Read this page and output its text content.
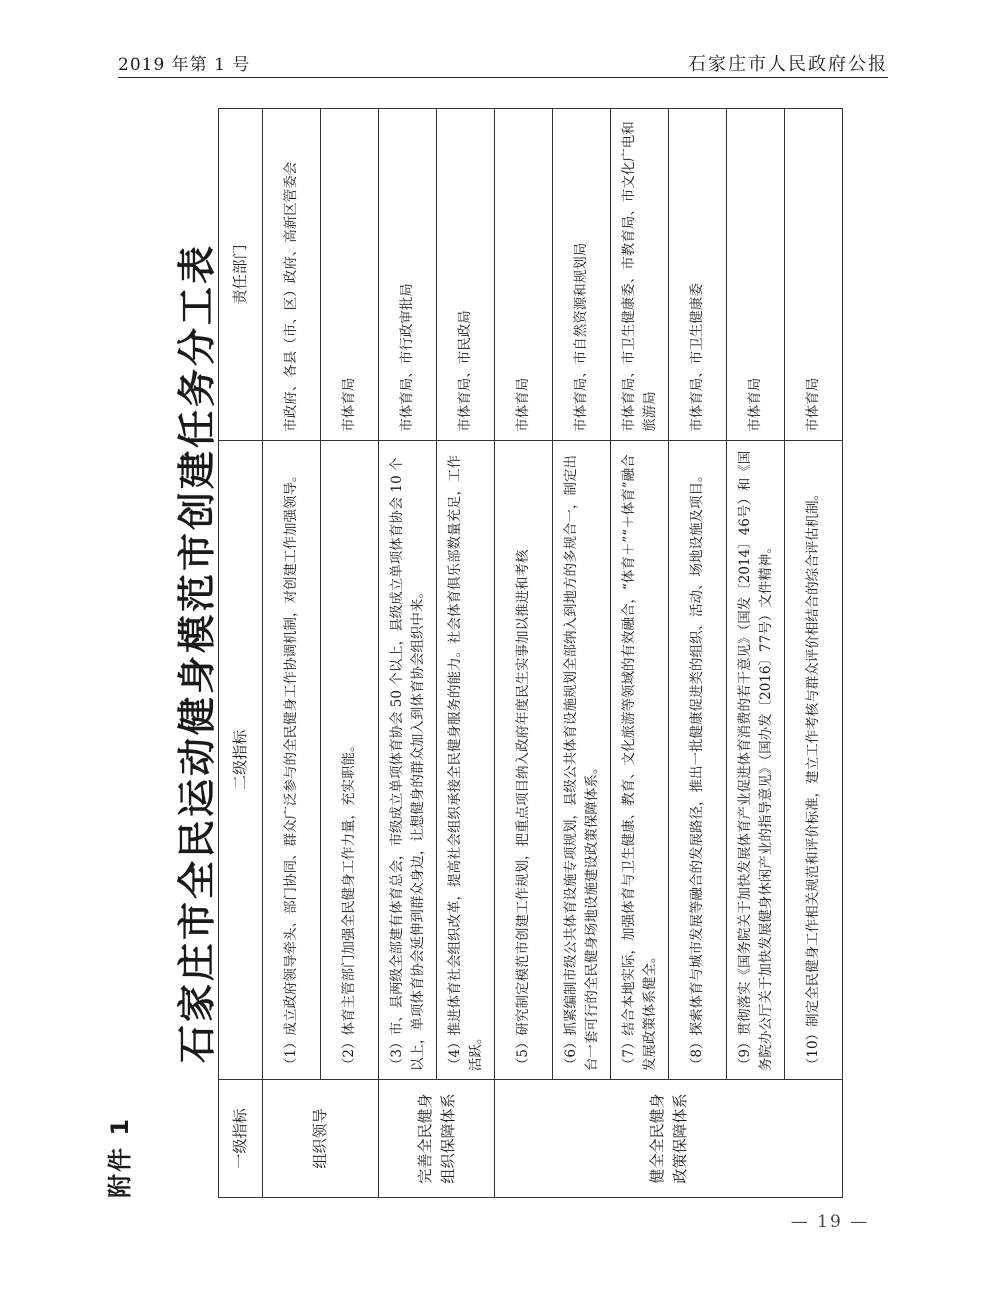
2019 年第 1 号	石家庄市人民政府公报
附件 1
石家庄市全民运动健身模范市创建任务分工表
一级指标	二级指标	责任部门
组织领导	（1）成立政府领导牵头、部门协同、群众广泛参与的全民健身工作协调机制，对创建工作加强领导。	市政府、各县（市、区）政府、高新区管委会
	（2）体育主管部门加强全民健身工作力量，充实职能。	市体育局
完善全民健身组织保障体系	（3）市、县两级全部建有体育总会，市级成立单项体育协会 50 个以上，县级成立单项体育协会 10 个以上，单项体育协会延伸到群众身边，让想健身的群众加入到体育协会组织中来。	市体育局、市行政审批局
	（4）推进体育社会组织改革，提高社会组织承接全民健身服务的能力。社会体育俱乐部数量充足，工作活跃。	市体育局、市民政局
健全全民健身政策保障体系	（5）研究制定模范市创建工作规划，把重点项目纳入政府年度民生实事加以推进和考核	市体育局
	（6）抓紧编制市级公共体育设施专项规划，县级公共体育设施规划全部纳入到地方的多规合一，制定出台一套可行的全民健身场地设施建设政策保障体系。	市体育局、市自然资源和规划局
	（7）结合本地实际，加强体育与卫生健康、教育、文化旅游等领域的有效融合，“体育＋”“＋体育”融合发展政策体系健全。	市体育局、市卫生健康委、市教育局、市文化广电和旅游局
	（8）探索体育与城市发展等融合的发展路径，推出一批健康促进类的组织、活动、场地设施及项目。	市体育局、市卫生健康委
	（9）贯彻落实《国务院关于加快发展体育产业促进体育消费的若干意见》（国发〔2014〕46号）和《国务院办公厅关于加快发展健身休闲产业的指导意见》（国办发〔2016〕77号）文件精神。	市体育局
	（10）制定全民健身工作相关规范和评价标准，建立工作考核与群众评价相结合的综合评估机制。	市体育局
— 19 —
